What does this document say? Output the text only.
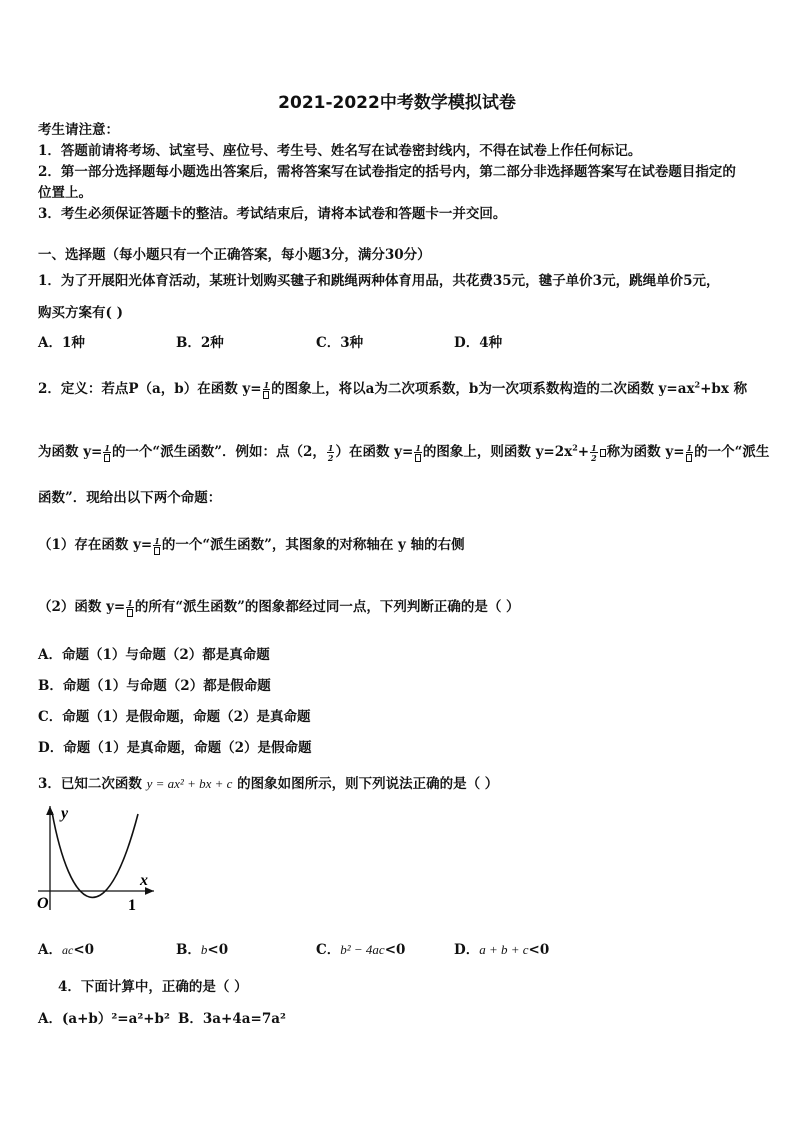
2021-2022中考数学模拟试卷
考生请注意：
1．答题前请将考场、试室号、座位号、考生号、姓名写在试卷密封线内，不得在试卷上作任何标记。
2．第一部分选择题每小题选出答案后，需将答案写在试卷指定的括号内，第二部分非选择题答案写在试卷题目指定的
位置上。
3．考生必须保证答题卡的整洁。考试结束后，请将本试卷和答题卡一并交回。
一、选择题（每小题只有一个正确答案，每小题3分，满分30分）
1．为了开展阳光体育活动，某班计划购买毽子和跳绳两种体育用品，共花费35元，毽子单价3元，跳绳单价5元，
购买方案有( )
A．1种	B．2种	C．3种	D．4种
2．定义：若点P（a，b）在函数 y= 1 的图象上，将以a为二次项系数，b为一次项系数构造的二次函数 $y=ax^2+bx$ 称
为函数 y= 1 的一个“派生函数”．例如：点（2， $\frac{1}{2}$ ）在函数 y= 1 的图象上，则函数 $y=2x^2+ \frac{1}{2}$ 称为函数 y= 1 的一个“派生
函数”．现给出以下两个命题：
（1）存在函数 y= 1 的一个“派生函数”，其图象的对称轴在 y 轴的右侧
（2）函数 y= 1 的所有“派生函数”的图象都经过同一点，下列判断正确的是（ ）
A．命题（1）与命题（2）都是真命题
B．命题（1）与命题（2）都是假命题
C．命题（1）是假命题，命题（2）是真命题
D．命题（1）是真命题，命题（2）是假命题
3．已知二次函数 y = ax² + bx + c 的图象如图所示，则下列说法正确的是（ ）
y
x
O	1
A．ac<0	B．b<0	C．b² − 4ac<0	D．a + b + c<0
4．下面计算中，正确的是（ ）
A．(a+b）²=a²+b² B．3a+4a=7a²
